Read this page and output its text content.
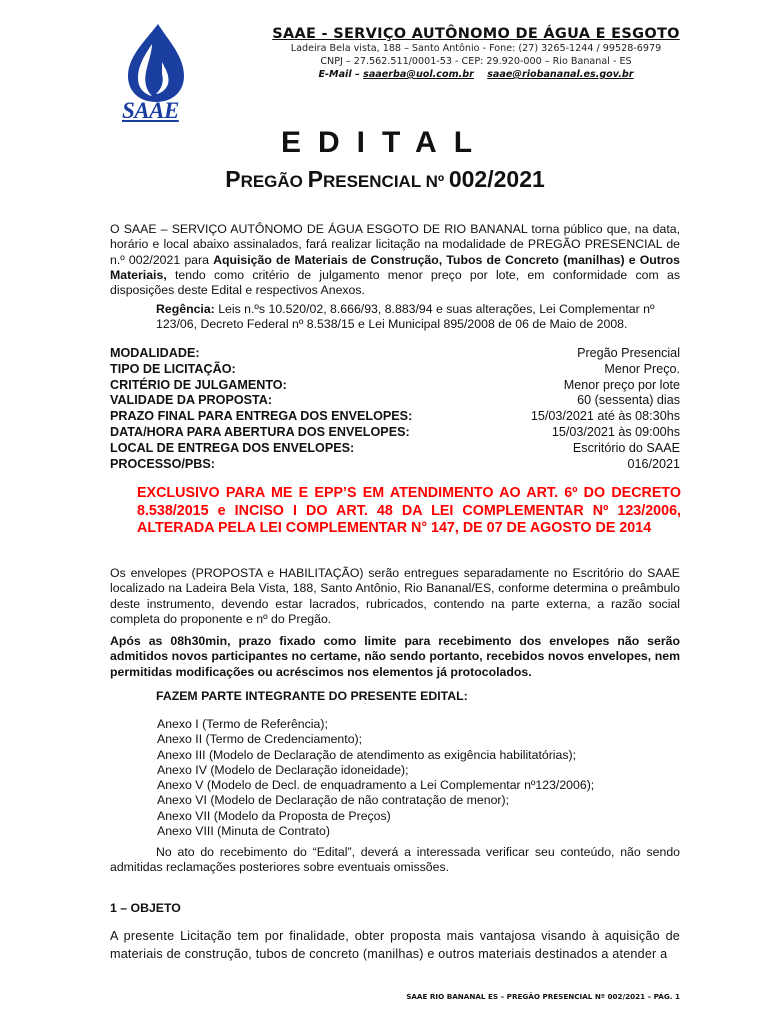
SAAE
SAAE - SERVIÇO AUTÔNOMO DE ÁGUA E ESGOTO
Ladeira Bela vista, 188 – Santo Antônio - Fone: (27) 3265-1244 / 99528-6979
CNPJ – 27.562.511/0001-53 - CEP: 29.920-000 – Rio Bananal - ES
E-Mail – saaerba@uol.com.br saae@riobananal.es.gov.br
EDITAL
PREGÃO PRESENCIAL Nº 002/2021
O SAAE – SERVIÇO AUTÔNOMO DE ÁGUA ESGOTO DE RIO BANANAL torna público que, na data, horário e local abaixo assinalados, fará realizar licitação na modalidade de PREGÃO PRESENCIAL de n.º 002/2021 para Aquisição de Materiais de Construção, Tubos de Concreto (manilhas) e Outros Materiais, tendo como critério de julgamento menor preço por lote, em conformidade com as disposições deste Edital e respectivos Anexos.
Regência: Leis n.ºs 10.520/02, 8.666/93, 8.883/94 e suas alterações, Lei Complementar nº 123/06, Decreto Federal nº 8.538/15 e Lei Municipal 895/2008 de 06 de Maio de 2008.
MODALIDADE:	Pregão Presencial
TIPO DE LICITAÇÃO:	Menor Preço.
CRITÉRIO DE JULGAMENTO:	Menor preço por lote
VALIDADE DA PROPOSTA:	60 (sessenta) dias
PRAZO FINAL PARA ENTREGA DOS ENVELOPES:	15/03/2021 até às 08:30hs
DATA/HORA PARA ABERTURA DOS ENVELOPES:	15/03/2021 às 09:00hs
LOCAL DE ENTREGA DOS ENVELOPES:	Escritório do SAAE
PROCESSO/PBS:	016/2021
EXCLUSIVO PARA ME E EPP’S EM ATENDIMENTO AO ART. 6º DO DECRETO 8.538/2015 e INCISO I DO ART. 48 DA LEI COMPLEMENTAR Nº 123/2006, ALTERADA PELA LEI COMPLEMENTAR N° 147, DE 07 DE AGOSTO DE 2014
Os envelopes (PROPOSTA e HABILITAÇÃO) serão entregues separadamente no Escritório do SAAE localizado na Ladeira Bela Vista, 188, Santo Antônio, Rio Bananal/ES, conforme determina o preâmbulo deste instrumento, devendo estar lacrados, rubricados, contendo na parte externa, a razão social completa do proponente e nº do Pregão.
Após as 08h30min, prazo fixado como limite para recebimento dos envelopes não serão admitidos novos participantes no certame, não sendo portanto, recebidos novos envelopes, nem permitidas modificações ou acréscimos nos elementos já protocolados.
FAZEM PARTE INTEGRANTE DO PRESENTE EDITAL:
Anexo I (Termo de Referência);
Anexo II (Termo de Credenciamento);
Anexo III (Modelo de Declaração de atendimento as exigência habilitatórias);
Anexo IV (Modelo de Declaração idoneidade);
Anexo V (Modelo de Decl. de enquadramento a Lei Complementar nº123/2006);
Anexo VI (Modelo de Declaração de não contratação de menor);
Anexo VII (Modelo da Proposta de Preços)
Anexo VIII (Minuta de Contrato)
No ato do recebimento do “Edital”, deverá a interessada verificar seu conteúdo, não sendo admitidas reclamações posteriores sobre eventuais omissões.
1 – OBJETO
A presente Licitação tem por finalidade, obter proposta mais vantajosa visando à aquisição de materiais de construção, tubos de concreto (manilhas) e outros materiais destinados a atender a
SAAE RIO BANANAL ES – PREGÃO PRESENCIAL Nº 002/2021 – PÁG. 1
